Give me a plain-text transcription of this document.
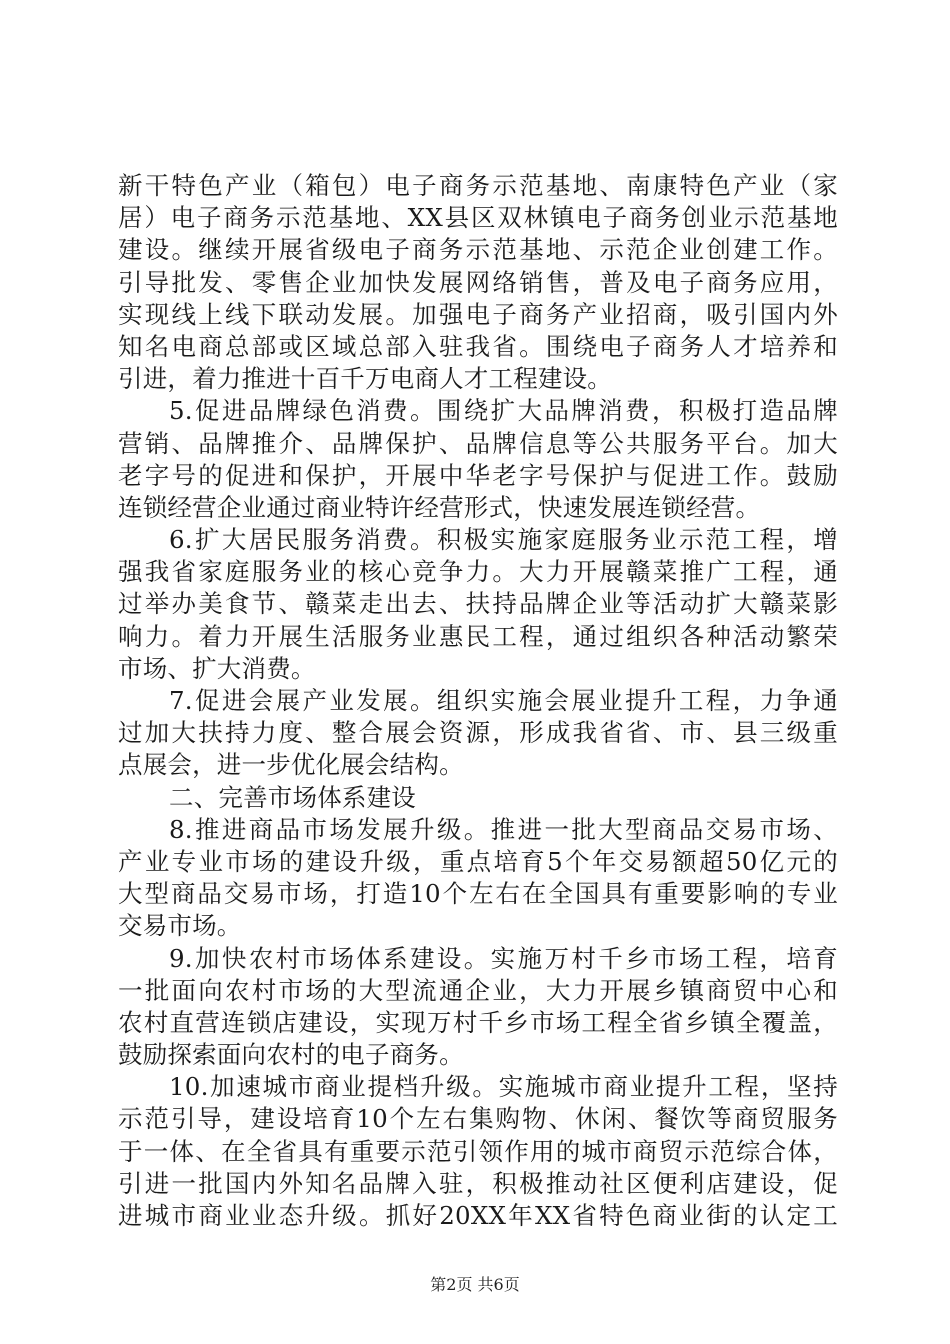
新干特色产业（箱包）电子商务示范基地、南康特色产业（家
居）电子商务示范基地、XX县区双林镇电子商务创业示范基地
建设。继续开展省级电子商务示范基地、示范企业创建工作。
引导批发、零售企业加快发展网络销售，普及电子商务应用，
实现线上线下联动发展。加强电子商务产业招商，吸引国内外
知名电商总部或区域总部入驻我省。围绕电子商务人才培养和
引进，着力推进十百千万电商人才工程建设。
5.促进品牌绿色消费。围绕扩大品牌消费，积极打造品牌
营销、品牌推介、品牌保护、品牌信息等公共服务平台。加大
老字号的促进和保护，开展中华老字号保护与促进工作。鼓励
连锁经营企业通过商业特许经营形式，快速发展连锁经营。
6.扩大居民服务消费。积极实施家庭服务业示范工程，增
强我省家庭服务业的核心竞争力。大力开展赣菜推广工程，通
过举办美食节、赣菜走出去、扶持品牌企业等活动扩大赣菜影
响力。着力开展生活服务业惠民工程，通过组织各种活动繁荣
市场、扩大消费。
7.促进会展产业发展。组织实施会展业提升工程，力争通
过加大扶持力度、整合展会资源，形成我省省、市、县三级重
点展会，进一步优化展会结构。
二、完善市场体系建设
8.推进商品市场发展升级。推进一批大型商品交易市场、
产业专业市场的建设升级，重点培育5个年交易额超50亿元的
大型商品交易市场，打造10个左右在全国具有重要影响的专业
交易市场。
9.加快农村市场体系建设。实施万村千乡市场工程，培育
一批面向农村市场的大型流通企业，大力开展乡镇商贸中心和
农村直营连锁店建设，实现万村千乡市场工程全省乡镇全覆盖，
鼓励探索面向农村的电子商务。
10.加速城市商业提档升级。实施城市商业提升工程，坚持
示范引导，建设培育10个左右集购物、休闲、餐饮等商贸服务
于一体、在全省具有重要示范引领作用的城市商贸示范综合体，
引进一批国内外知名品牌入驻，积极推动社区便利店建设，促
进城市商业业态升级。抓好20XX年XX省特色商业街的认定工
第2页 共6页
